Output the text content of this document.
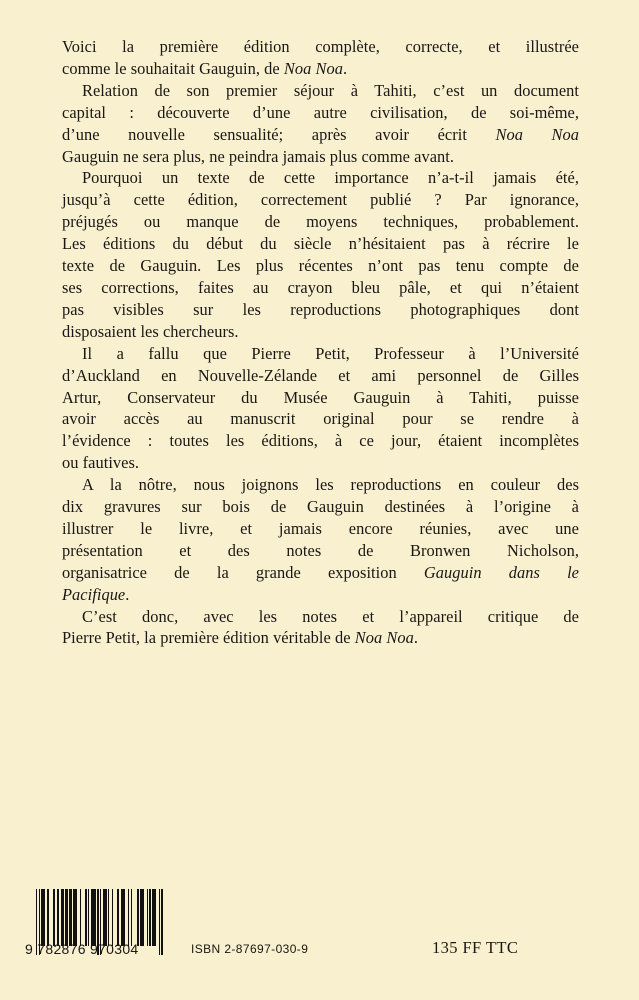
Voici la première édition complète, correcte, et illustrée
comme le souhaitait Gauguin, de Noa Noa.
Relation de son premier séjour à Tahiti, c’est un document
capital : découverte d’une autre civilisation, de soi-même,
d’une nouvelle sensualité; après avoir écrit Noa Noa
Gauguin ne sera plus, ne peindra jamais plus comme avant.
Pourquoi un texte de cette importance n’a-t-il jamais été,
jusqu’à cette édition, correctement publié ? Par ignorance,
préjugés ou manque de moyens techniques, probablement.
Les éditions du début du siècle n’hésitaient pas à récrire le
texte de Gauguin. Les plus récentes n’ont pas tenu compte de
ses corrections, faites au crayon bleu pâle, et qui n’étaient
pas visibles sur les reproductions photographiques dont
disposaient les chercheurs.
Il a fallu que Pierre Petit, Professeur à l’Université
d’Auckland en Nouvelle-Zélande et ami personnel de Gilles
Artur, Conservateur du Musée Gauguin à Tahiti, puisse
avoir accès au manuscrit original pour se rendre à
l’évidence : toutes les éditions, à ce jour, étaient incomplètes
ou fautives.
A la nôtre, nous joignons les reproductions en couleur des
dix gravures sur bois de Gauguin destinées à l’origine à
illustrer le livre, et jamais encore réunies, avec une
présentation et des notes de Bronwen Nicholson,
organisatrice de la grande exposition Gauguin dans le
Pacifique.
C’est donc, avec les notes et l’appareil critique de
Pierre Petit, la première édition véritable de Noa Noa.
9 782876 970304	ISBN 2-87697-030-9	135 FF TTC
